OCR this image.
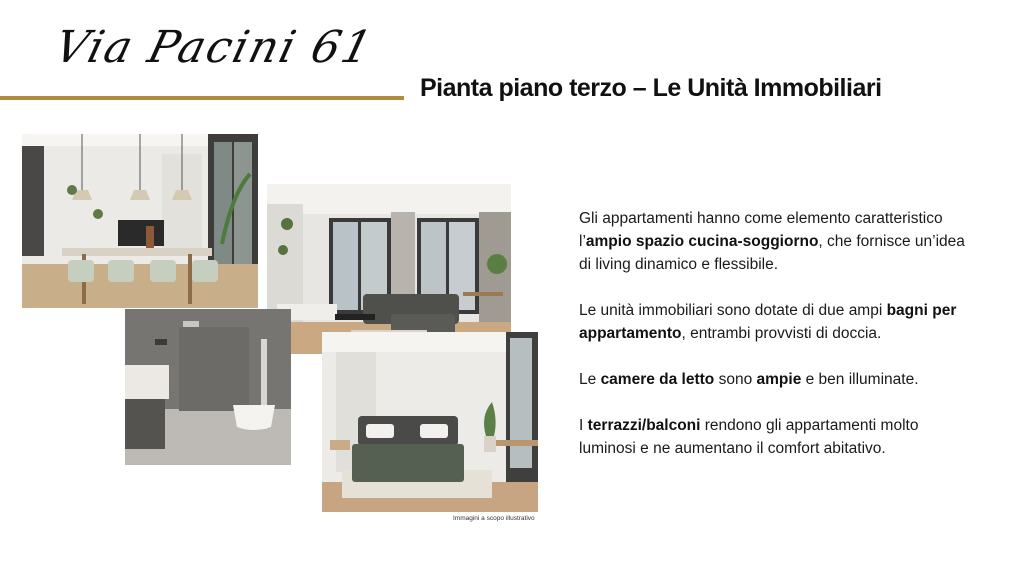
Via Pacini 61
Pianta piano terzo – Le Unità Immobiliari
Immagini a scopo illustrativo

Gli appartamenti hanno come elemento caratteristico l’ampio spazio cucina-soggiorno, che fornisce un’idea di living dinamico e flessibile.

Le unità immobiliari sono dotate di due ampi bagni per appartamento, entrambi provvisti di doccia.

Le camere da letto sono ampie e ben illuminate.

I terrazzi/balconi rendono gli appartamenti molto luminosi e ne aumentano il comfort abitativo.
